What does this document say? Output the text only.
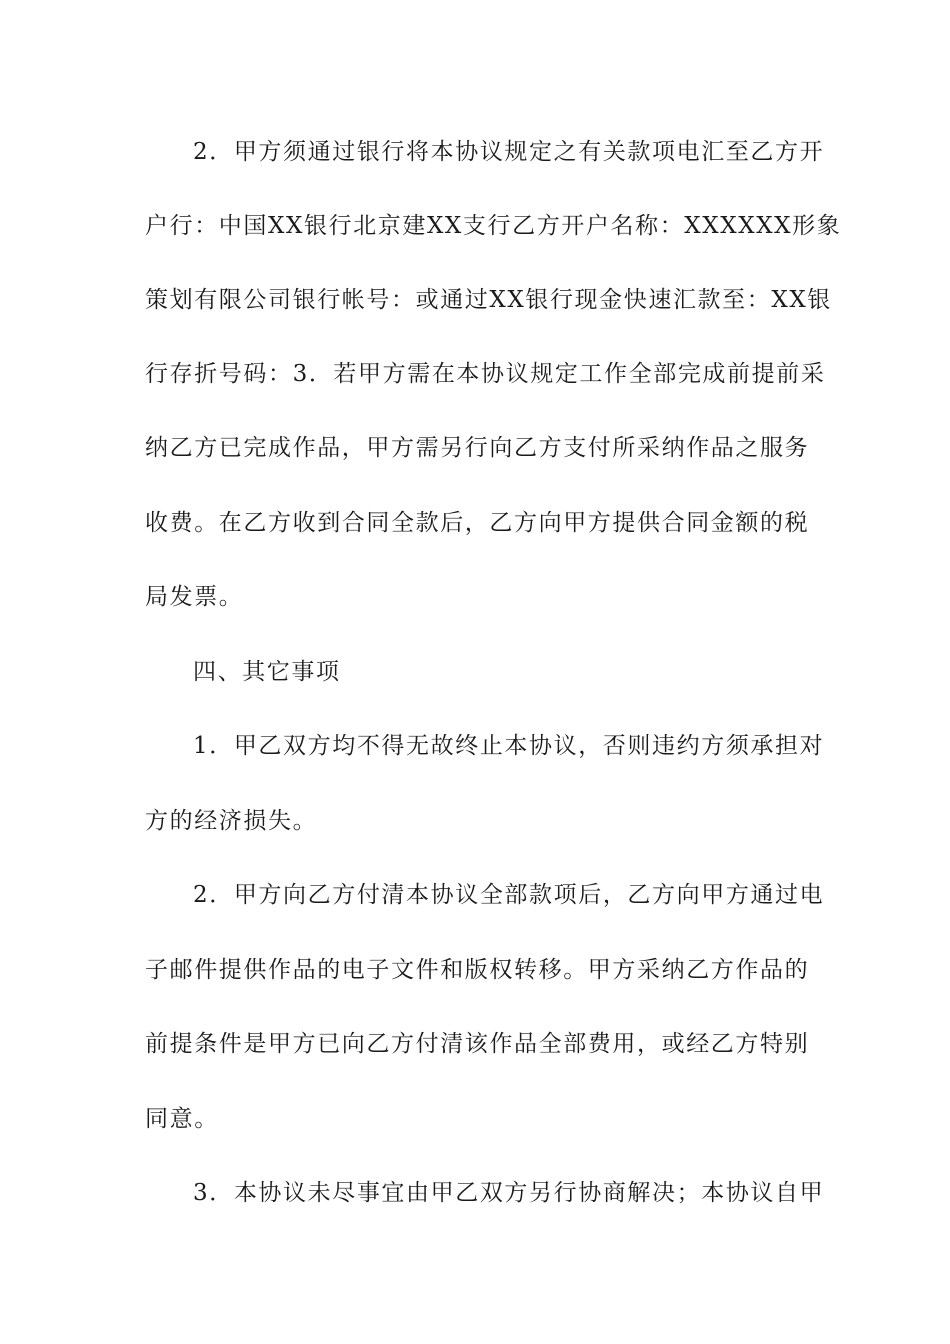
2．甲方须通过银行将本协议规定之有关款项电汇至乙方开
户行：中国XX银行北京建XX支行乙方开户名称：XXXXXX形象
策划有限公司银行帐号：或通过XX银行现金快速汇款至：XX银
行存折号码：3．若甲方需在本协议规定工作全部完成前提前采
纳乙方已完成作品，甲方需另行向乙方支付所采纳作品之服务
收费。在乙方收到合同全款后，乙方向甲方提供合同金额的税
局发票。
四、其它事项
1．甲乙双方均不得无故终止本协议，否则违约方须承担对
方的经济损失。
2．甲方向乙方付清本协议全部款项后，乙方向甲方通过电
子邮件提供作品的电子文件和版权转移。甲方采纳乙方作品的
前提条件是甲方已向乙方付清该作品全部费用，或经乙方特别
同意。
3．本协议未尽事宜由甲乙双方另行协商解决；本协议自甲
